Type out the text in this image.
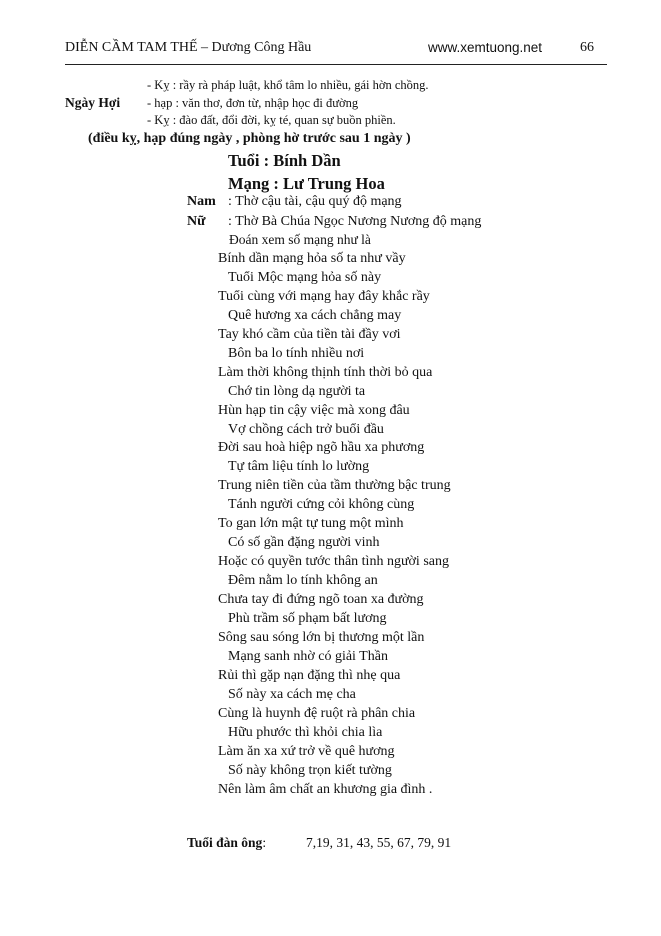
DIỄN CẦM TAM THẾ – Dương Công Hầu	www.xemtuong.net	66
- Kỵ : rầy rà pháp luật, khổ tâm lo nhiều, gái hờn chồng.
Ngày Hợi - hạp : văn thơ, đơn từ, nhập học đi đường
- Kỵ : đào đất, đổi đời, kỵ té, quan sự buồn phiền.
(điều kỵ, hạp đúng ngày , phòng hờ trước sau 1 ngày )
Tuổi : Bính Dần
Mạng : Lư Trung Hoa
Nam : Thờ cậu tài, cậu quý độ mạng
Nữ : Thờ Bà Chúa Ngọc Nương Nương độ mạng
Đoán xem số mạng như là
Bính dần mạng hỏa số ta như vầy
Tuổi Mộc mạng hỏa số này
Tuổi cùng với mạng hay đây khắc rầy
Quê hương xa cách chẳng may
Tay khó cầm của tiền tài đầy vơi
Bôn ba lo tính nhiều nơi
Làm thời không thịnh tính thời bỏ qua
Chớ tin lòng dạ người ta
Hùn hạp tin cậy việc mà xong đâu
Vợ chồng cách trở buổi đầu
Đời sau hoà hiệp ngõ hầu xa phương
Tự tâm liệu tính lo lường
Trung niên tiền của tầm thường bậc trung
Tánh người cứng cỏi không cùng
To gan lớn mật tự tung một mình
Có số gần đặng người vinh
Hoặc có quyền tước thân tình người sang
Đêm nằm lo tính không an
Chưa tay đi đứng ngõ toan xa đường
Phù trầm số phạm bất lương
Sông sau sóng lớn bị thương một lần
Mạng sanh nhờ có giải Thần
Rủi thì gặp nạn đặng thì nhẹ qua
Số này xa cách mẹ cha
Cùng là huynh đệ ruột rà phân chia
Hữu phước thì khỏi chia lìa
Làm ăn xa xứ trở về quê hương
Số này không trọn kiết tường
Nên làm âm chất an khương gia đình .
Tuổi đàn ông:	7,19, 31, 43, 55, 67, 79, 91
